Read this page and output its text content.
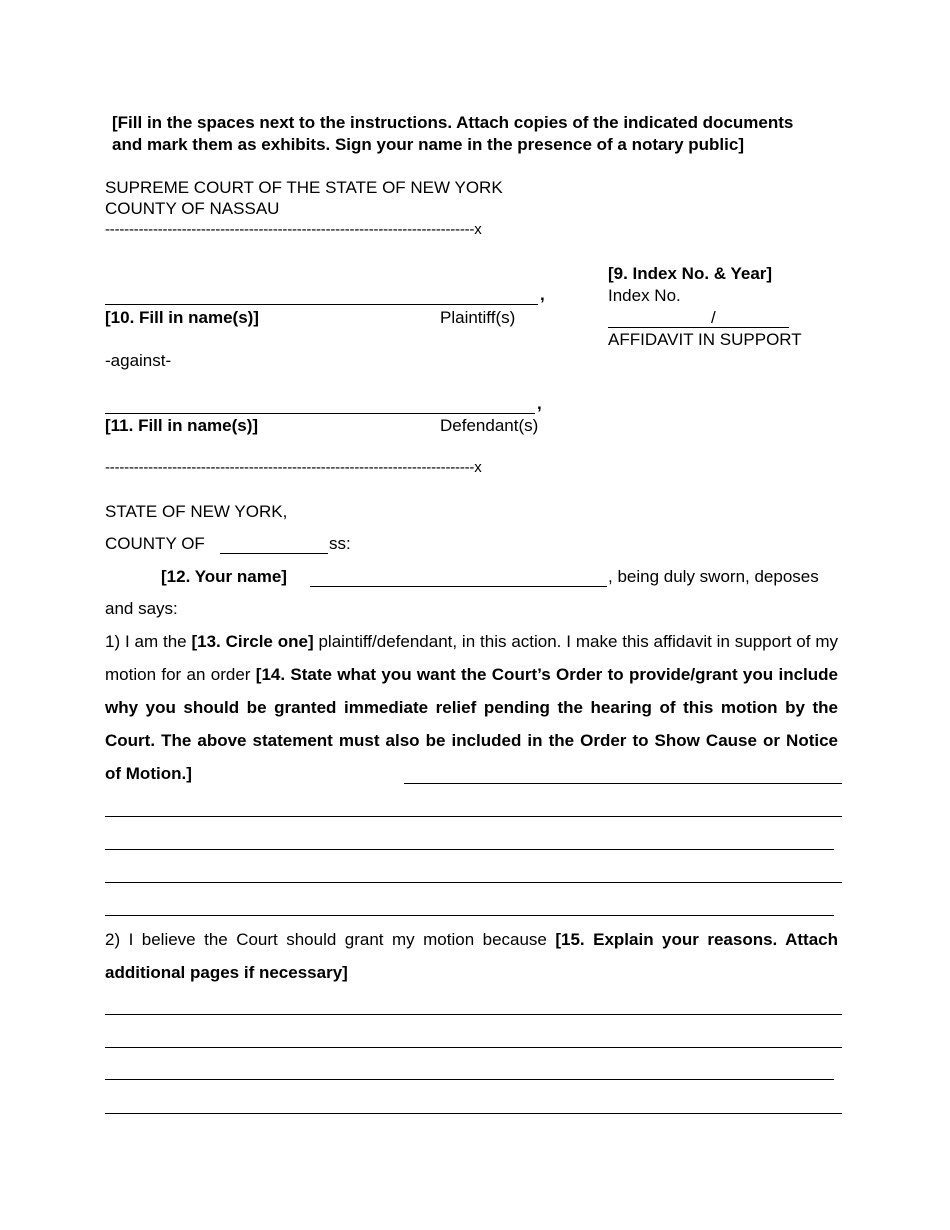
[Fill in the spaces next to the instructions. Attach copies of the indicated documents
and mark them as exhibits. Sign your name in the presence of a notary public]
SUPREME COURT OF THE STATE OF NEW YORK
COUNTY OF NASSAU
-----------------------------------------------------------------------------x
,
[10. Fill in name(s)]	Plaintiff(s)
-against-
,
[11. Fill in name(s)]	Defendant(s)
[9. Index No. & Year]
Index No.
/
AFFIDAVIT IN SUPPORT
-----------------------------------------------------------------------------x
STATE OF NEW YORK,
COUNTY OF	ss:
[12. Your name]	, being duly sworn, deposes
and says:
1) I am the [13. Circle one] plaintiff/defendant, in this action. I make this affidavit in support of my motion for an order [14. State what you want the Court’s Order to provide/grant you include why you should be granted immediate relief pending the hearing of this motion by the Court. The above statement must also be included in the Order to Show Cause or Notice of Motion.]
2) I believe the Court should grant my motion because [15. Explain your reasons. Attach additional pages if necessary]
